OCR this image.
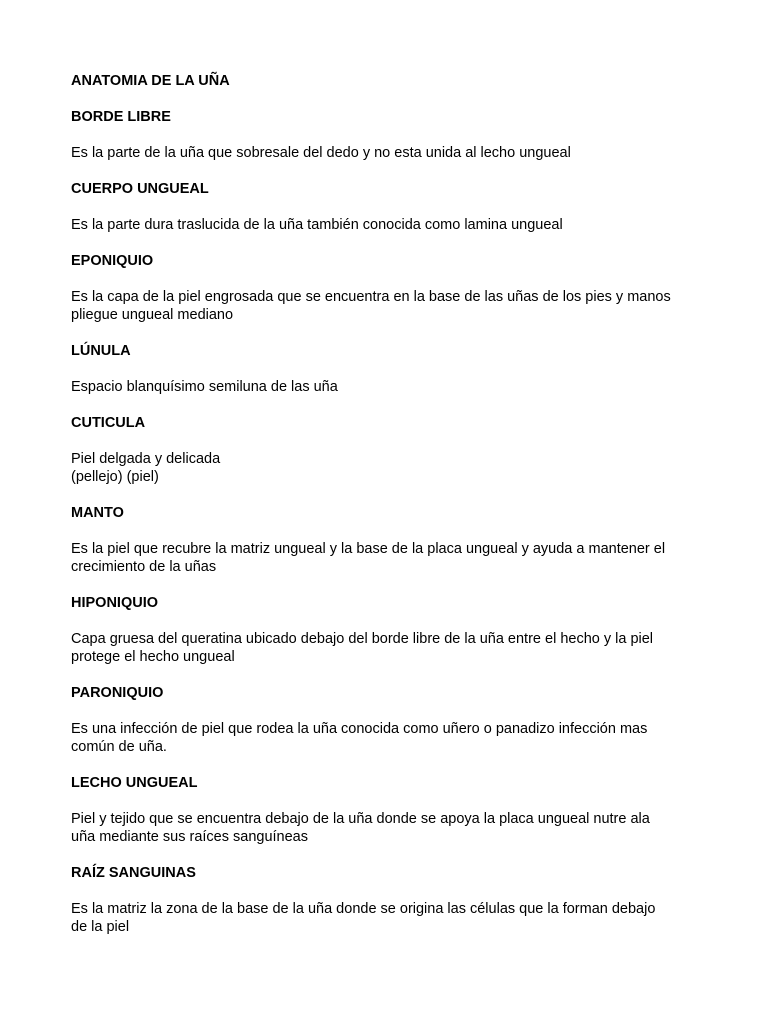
ANATOMIA DE LA UÑA

BORDE LIBRE

Es la parte de la uña que sobresale del dedo y no esta unida al lecho ungueal

CUERPO UNGUEAL

Es la parte dura traslucida de la uña también conocida como lamina ungueal

EPONIQUIO

Es la capa de la piel engrosada que se encuentra en la base de las uñas de los pies y manos
pliegue ungueal mediano

LÚNULA

Espacio blanquísimo semiluna de las uña

CUTICULA

Piel delgada y delicada
(pellejo) (piel)

MANTO

Es la piel que recubre la matriz ungueal y la base de la placa ungueal y ayuda a mantener el
crecimiento de la uñas

HIPONIQUIO

Capa gruesa del queratina ubicado debajo del borde libre de la uña entre el hecho y la piel
protege el hecho ungueal

PARONIQUIO

Es una infección de piel que rodea la uña conocida como uñero o panadizo infección mas
común de uña.

LECHO UNGUEAL

Piel y tejido que se encuentra debajo de la uña donde se apoya la placa ungueal nutre ala
uña mediante sus raíces sanguíneas

RAÍZ SANGUINAS

Es la matriz la zona de la base de la uña donde se origina las células que la forman debajo
de la piel
